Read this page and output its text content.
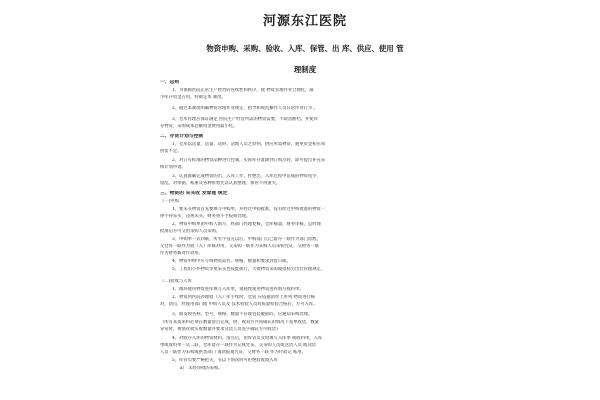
河源东江医院
物资申购、采购、验收、入库、保管、出 库、供应、使用 管
理制度
一、总则
1、为保障医院正常生产经营的连续性和秩序，使 物资管理作业合理化，减
少库存资金占用，特制定本 制度。
2、通过本制度明确物资管理作业规定，指导和规范操作人员日常作业行为 。
3、仓库管理应保证满足 医院生产经营所需的物资需要，不缺货断档，并使库
存物资，采购成本总额资金费用最小化。
二、存货计划与控制
1、仓库以适量、适量、适时、适地人员之原则，供应所需物资，避免资金积压和
供货不足。
2、对订有标准的物资品种进行控制，实际库存量降到订购点时，即可提出补充采
购计划申请。
3、认真准确完成物资的出、入库工作，杜绝出、入库过程中造成的物资短少、
错乱，对单据、账册及各种原始凭证认真整理，保管不得遗失。
三、物资的 采买收 发管理 规定
（一)申购
1、要采买物资首先要填写申购单，并经过申购批准，没有经过申购批准的物资一
律不得采买，违规采买，财务将不予报销处理。
2、物资申购单由申购人填写，经部门经理复核，仓库核量，财务审核，总经理
批准后方可交由采购人员采购。
3、申购单一式四联，所有字签完以后，申购部门自己留存一联作为部门留底，
交仓库一联作为收（入）库核对用，交采购一联作为采购人员采购凭证，交财务一联
作为财务核对付款用。
4、物资申购中应写明物资品名、规格、数量和要求到货日期。
5、工程用小件物资零星采买也按此执行，大批物资采购或招标另出台管理规定。
（二)验收与入库
1、循环使用物资进库填写入库单，销耗性使用物资进库填写收料单。
2、物资到医院办理收（入）库手续时，仓管 应依据清单上所列 物资进行核
对，清点，经使用部门或 申购人员及 技术检验人员对质量检验合格后，方可入库。
3、如发现名称、型号、规格、数量不符或包装破损的，应通知采购处理。
（所有来货来料必须在数量清点完成，供、收双方共同确认的情况下签单收货，数量
异常时，视情况收实收数量并要求送货人员签字确认方可收货）
4、对收存入库的物资材料，清点后，由库管员及时填写入库单 或收料单，入库
单或收料单一式二联，仓库留存一联作为记账凭证，交采购人员或送货人员 或送货
人员一联作为采购或供货部门 请款报销凭证，交财务一联 作为付款记 账用。
5、库管员要严格把关，有以下情况时可拒绝验收或入库
a） 未经审批的采购。
